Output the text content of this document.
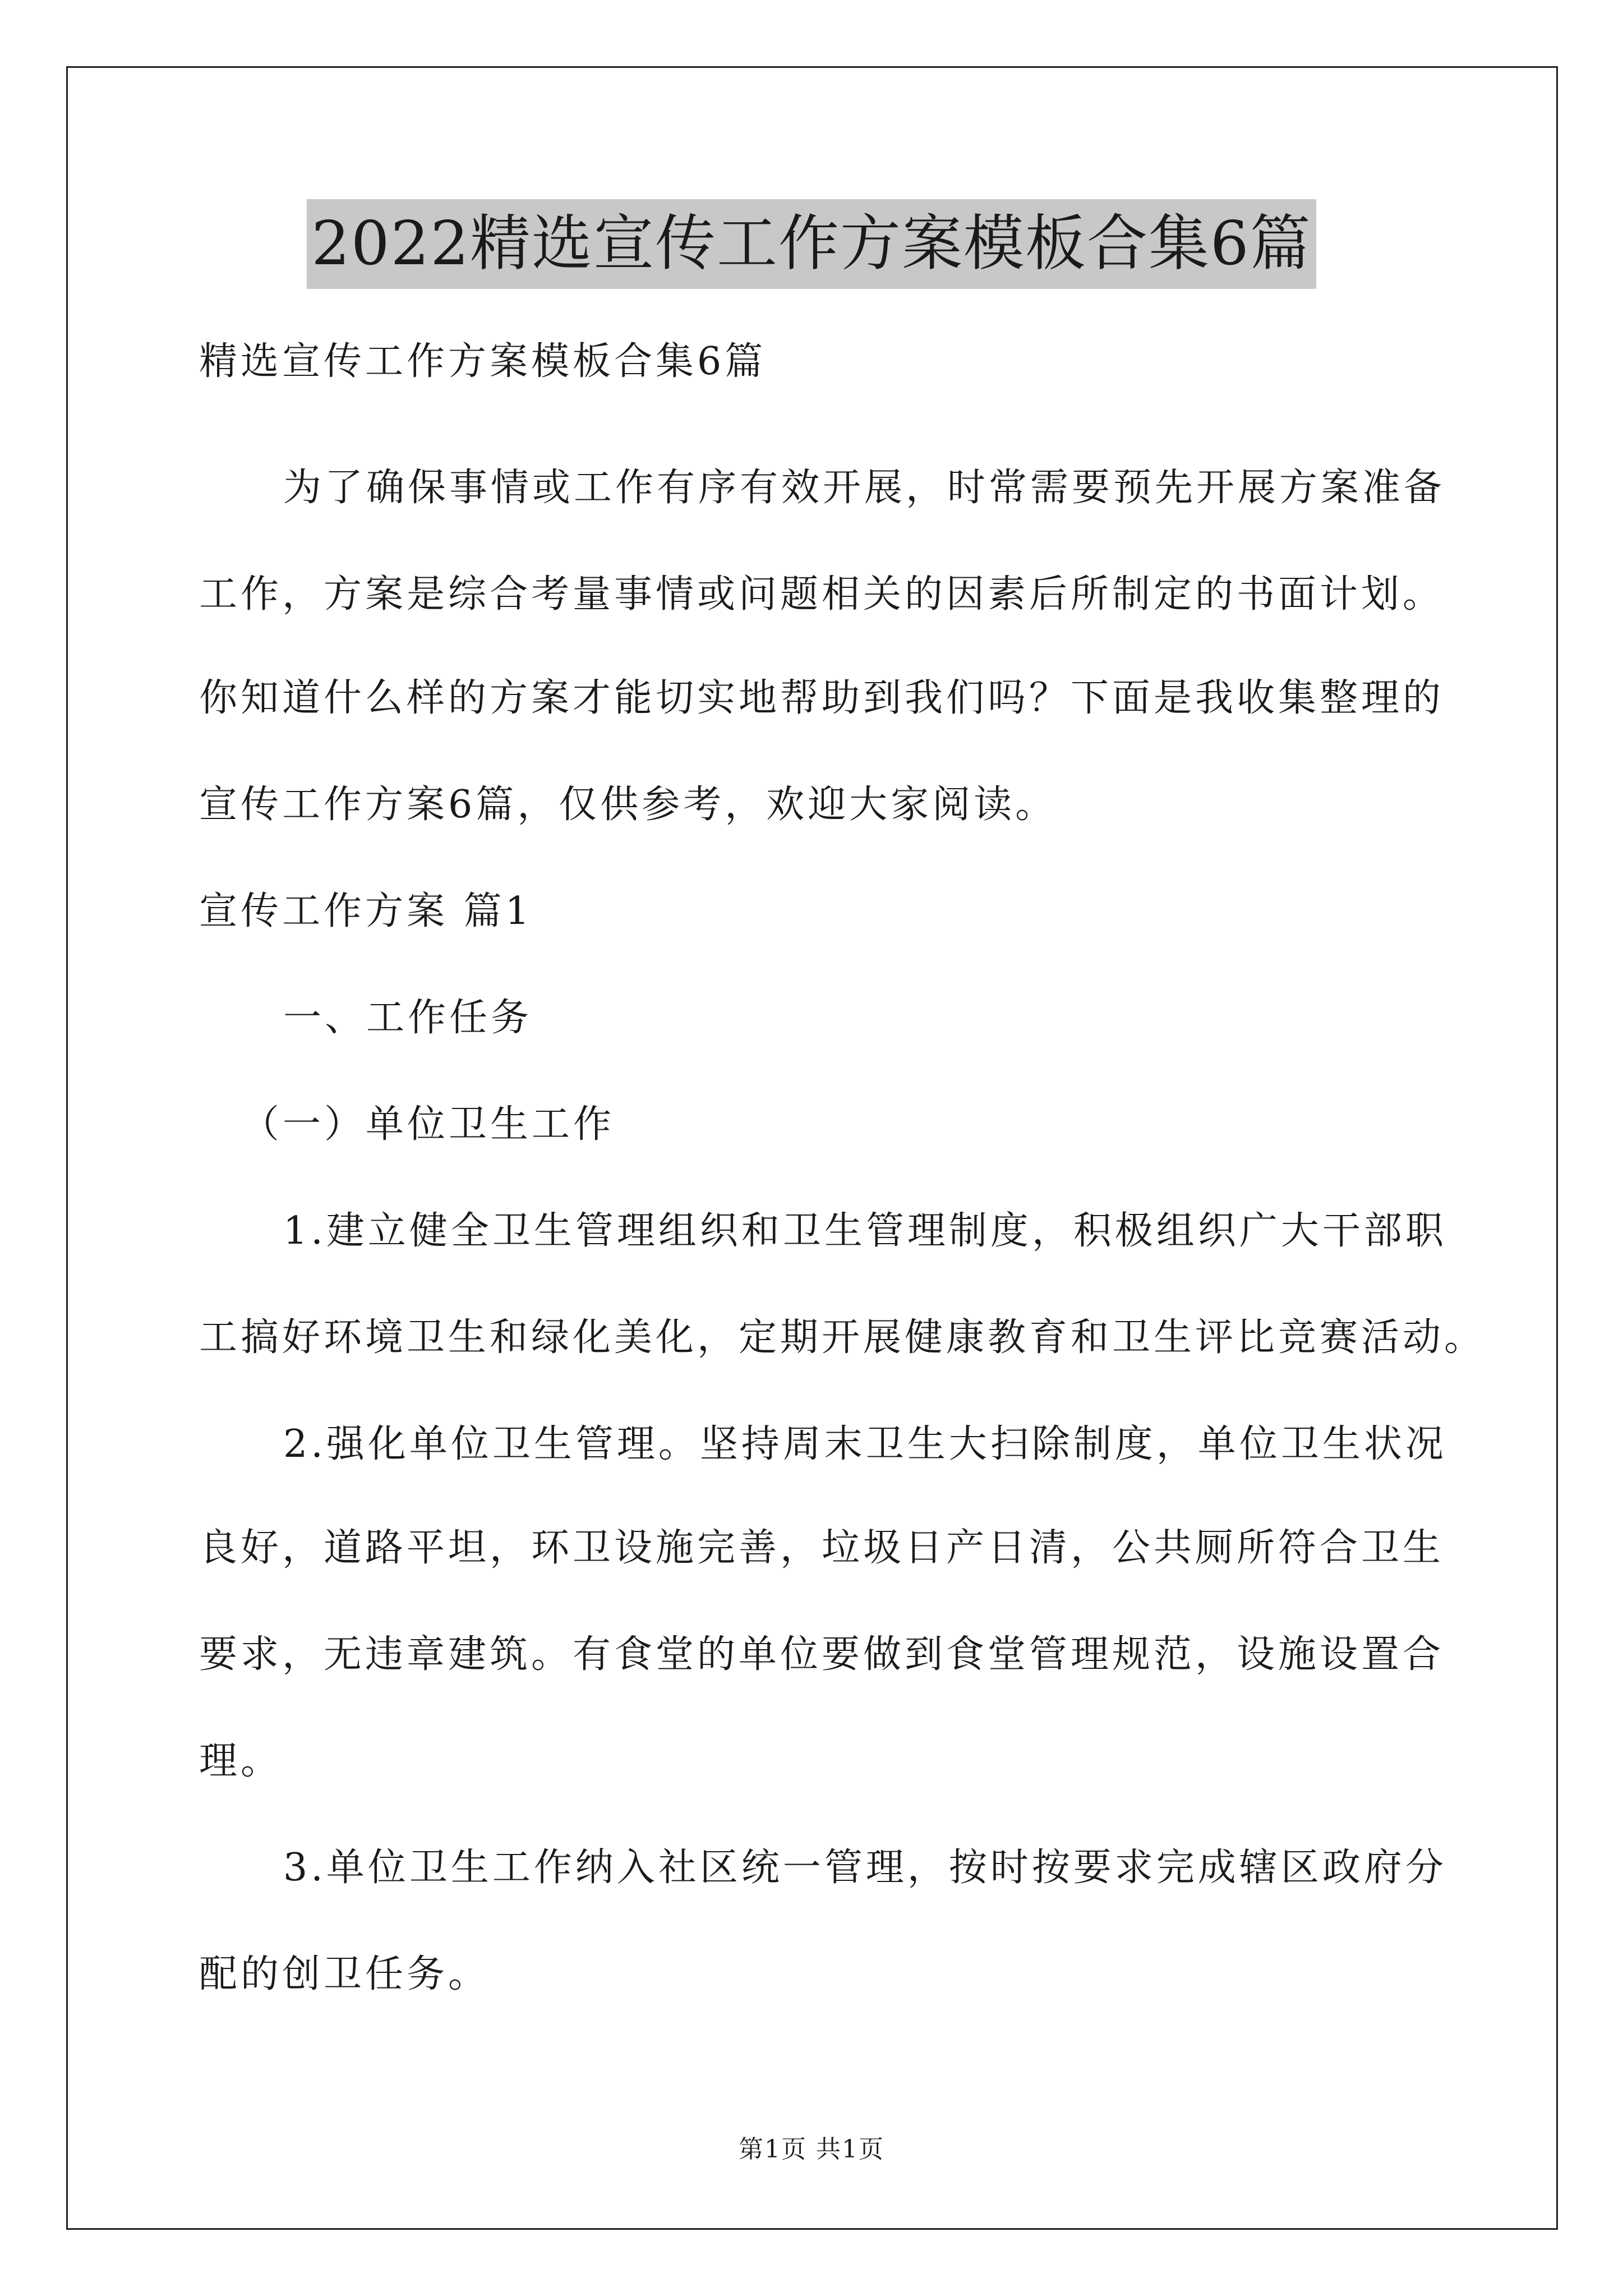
2022精选宣传工作方案模板合集6篇
精选宣传工作方案模板合集6篇
为了确保事情或工作有序有效开展，时常需要预先开展方案准备
工作，方案是综合考量事情或问题相关的因素后所制定的书面计划。
你知道什么样的方案才能切实地帮助到我们吗？下面是我收集整理的
宣传工作方案6篇，仅供参考，欢迎大家阅读。
宣传工作方案 篇1
一、工作任务
（一）单位卫生工作
1.建立健全卫生管理组织和卫生管理制度，积极组织广大干部职
工搞好环境卫生和绿化美化，定期开展健康教育和卫生评比竞赛活动。
2.强化单位卫生管理。坚持周末卫生大扫除制度，单位卫生状况
良好，道路平坦，环卫设施完善，垃圾日产日清，公共厕所符合卫生
要求，无违章建筑。有食堂的单位要做到食堂管理规范，设施设置合
理。
3.单位卫生工作纳入社区统一管理，按时按要求完成辖区政府分
配的创卫任务。
第1页 共1页
